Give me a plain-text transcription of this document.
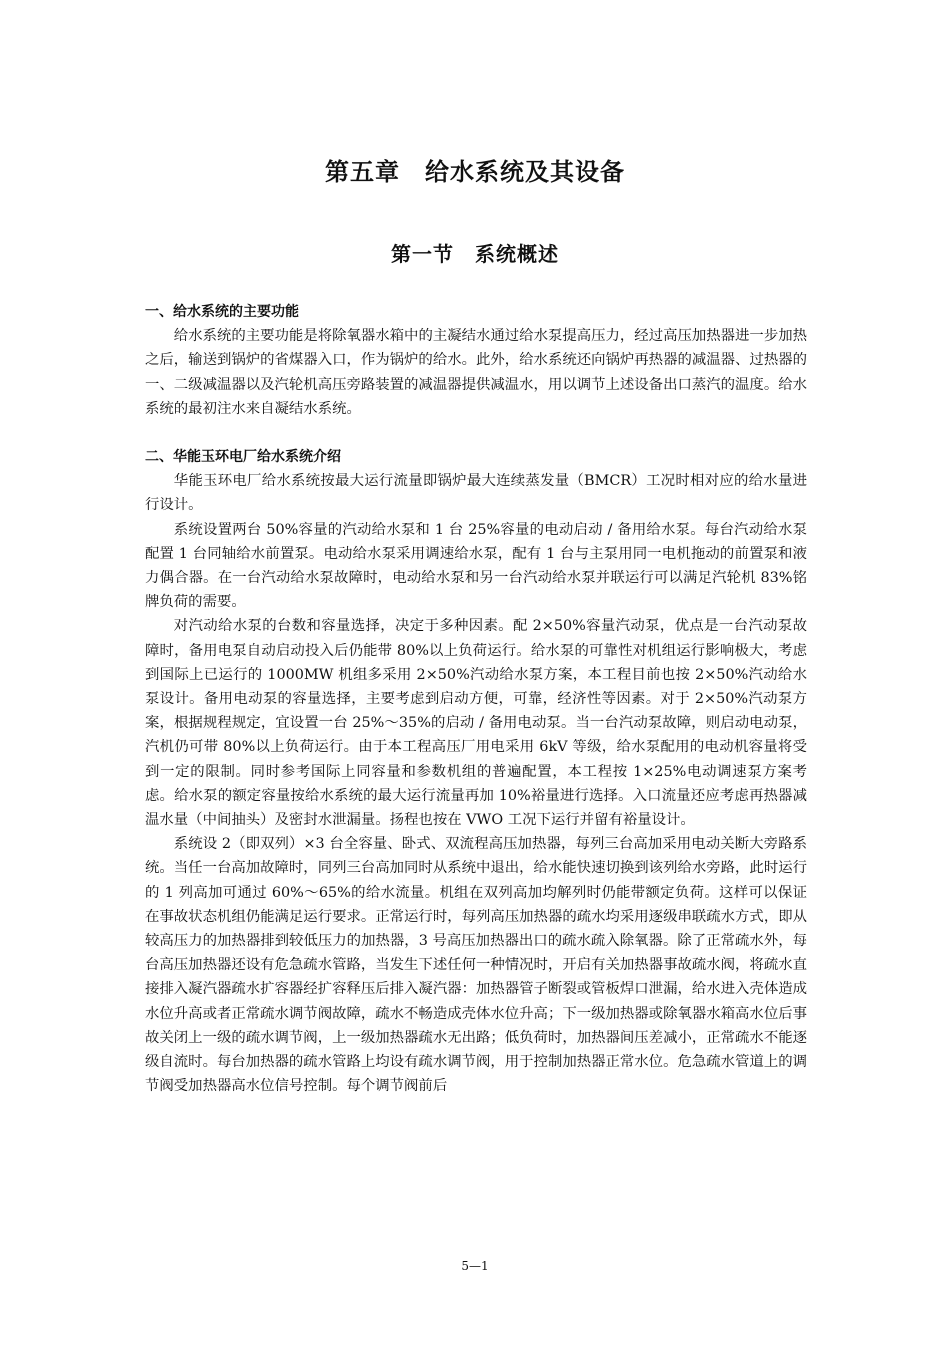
第五章　给水系统及其设备
第一节　系统概述
一、给水系统的主要功能

给水系统的主要功能是将除氧器水箱中的主凝结水通过给水泵提高压力，经过高压加热器进一步加热之后，输送到锅炉的省煤器入口，作为锅炉的给水。此外，给水系统还向锅炉再热器的减温器、过热器的一、二级减温器以及汽轮机高压旁路装置的减温器提供减温水，用以调节上述设备出口蒸汽的温度。给水系统的最初注水来自凝结水系统。

二、华能玉环电厂给水系统介绍

华能玉环电厂给水系统按最大运行流量即锅炉最大连续蒸发量（BMCR）工况时相对应的给水量进行设计。

系统设置两台 50%容量的汽动给水泵和 1 台 25%容量的电动启动 / 备用给水泵。每台汽动给水泵配置 1 台同轴给水前置泵。电动给水泵采用调速给水泵，配有 1 台与主泵用同一电机拖动的前置泵和液力偶合器。在一台汽动给水泵故障时，电动给水泵和另一台汽动给水泵并联运行可以满足汽轮机 83%铭牌负荷的需要。

对汽动给水泵的台数和容量选择，决定于多种因素。配 2×50%容量汽动泵，优点是一台汽动泵故障时，备用电泵自动启动投入后仍能带 80%以上负荷运行。给水泵的可靠性对机组运行影响极大，考虑到国际上已运行的 1000MW 机组多采用 2×50%汽动给水泵方案，本工程目前也按 2×50%汽动给水泵设计。备用电动泵的容量选择，主要考虑到启动方便，可靠，经济性等因素。对于 2×50%汽动泵方案，根据规程规定，宜设置一台 25%～35%的启动 / 备用电动泵。当一台汽动泵故障，则启动电动泵，汽机仍可带 80%以上负荷运行。由于本工程高压厂用电采用 6kV 等级，给水泵配用的电动机容量将受到一定的限制。同时参考国际上同容量和参数机组的普遍配置，本工程按 1×25%电动调速泵方案考虑。给水泵的额定容量按给水系统的最大运行流量再加 10%裕量进行选择。入口流量还应考虑再热器减温水量（中间抽头）及密封水泄漏量。扬程也按在 VWO 工况下运行并留有裕量设计。

系统设 2（即双列）×3 台全容量、卧式、双流程高压加热器，每列三台高加采用电动关断大旁路系统。当任一台高加故障时，同列三台高加同时从系统中退出，给水能快速切换到该列给水旁路，此时运行的 1 列高加可通过 60%～65%的给水流量。机组在双列高加均解列时仍能带额定负荷。这样可以保证在事故状态机组仍能满足运行要求。正常运行时，每列高压加热器的疏水均采用逐级串联疏水方式，即从较高压力的加热器排到较低压力的加热器，3 号高压加热器出口的疏水疏入除氧器。除了正常疏水外，每台高压加热器还设有危急疏水管路，当发生下述任何一种情况时，开启有关加热器事故疏水阀，将疏水直接排入凝汽器疏水扩容器经扩容释压后排入凝汽器：加热器管子断裂或管板焊口泄漏，给水进入壳体造成水位升高或者正常疏水调节阀故障，疏水不畅造成壳体水位升高；下一级加热器或除氧器水箱高水位后事故关闭上一级的疏水调节阀，上一级加热器疏水无出路；低负荷时，加热器间压差减小，正常疏水不能逐级自流时。每台加热器的疏水管路上均设有疏水调节阀，用于控制加热器正常水位。危急疏水管道上的调节阀受加热器高水位信号控制。每个调节阀前后

5—1
